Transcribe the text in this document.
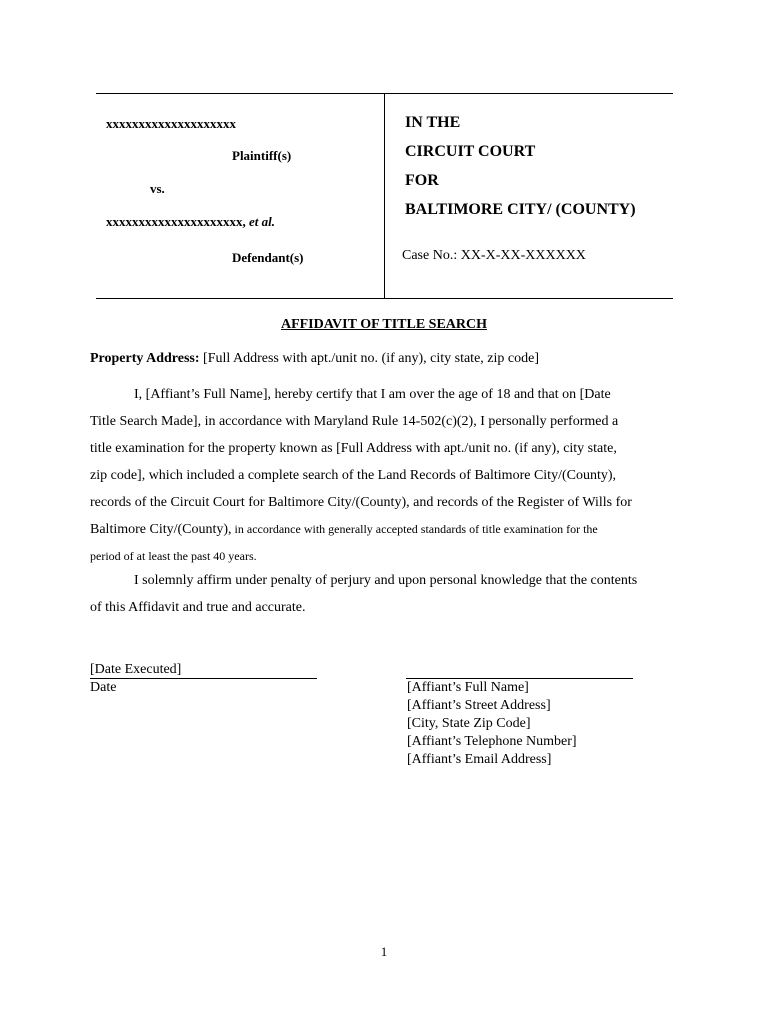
xxxxxxxxxxxxxxxxxxxx
Plaintiff(s)
vs.
xxxxxxxxxxxxxxxxxxxxx, et al.
Defendant(s)
IN THE
CIRCUIT COURT
FOR
BALTIMORE CITY/ (COUNTY)
Case No.: XX-X-XX-XXXXXX
AFFIDAVIT OF TITLE SEARCH
Property Address: [Full Address with apt./unit no. (if any), city state, zip code]
I, [Affiant’s Full Name], hereby certify that I am over the age of 18 and that on [Date
Title Search Made], in accordance with Maryland Rule 14-502(c)(2), I personally performed a
title examination for the property known as [Full Address with apt./unit no. (if any), city state,
zip code], which included a complete search of the Land Records of Baltimore City/(County),
records of the Circuit Court for Baltimore City/(County), and records of the Register of Wills for
Baltimore City/(County), in accordance with generally accepted standards of title examination for the
period of at least the past 40 years.
I solemnly affirm under penalty of perjury and upon personal knowledge that the contents
of this Affidavit and true and accurate.
[Date Executed]
Date	[Affiant’s Full Name]
[Affiant’s Street Address]
[City, State Zip Code]
[Affiant’s Telephone Number]
[Affiant’s Email Address]
1
